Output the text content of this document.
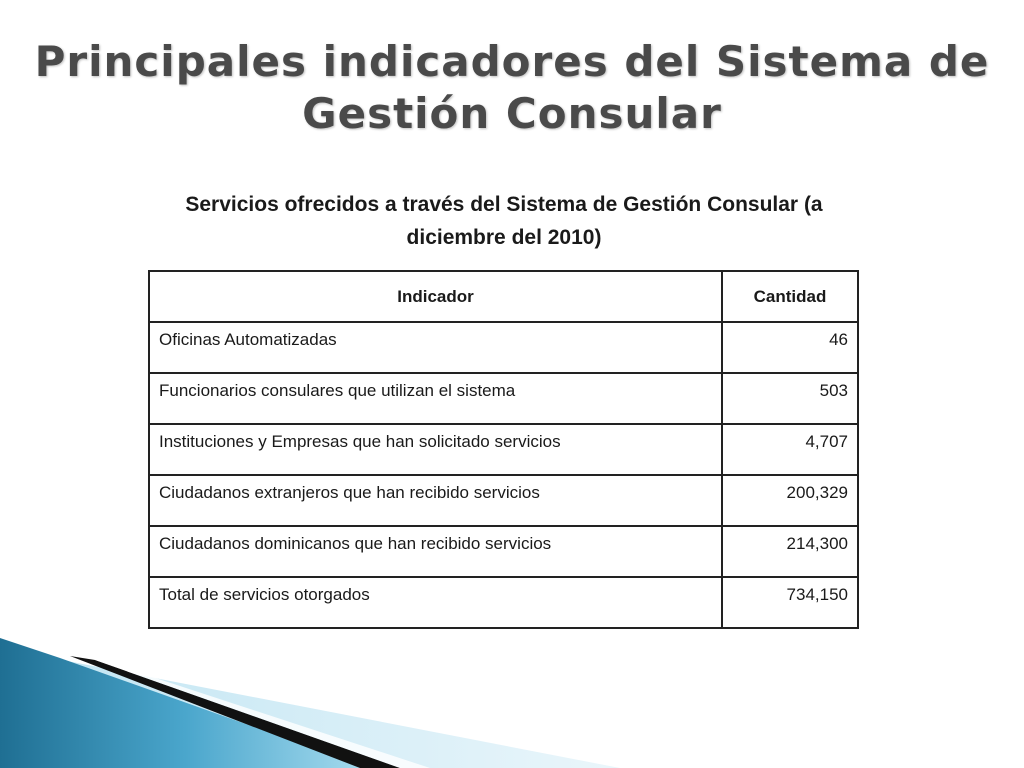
Principales indicadores del Sistema de Gestión Consular

Servicios ofrecidos a través del Sistema de Gestión Consular (a diciembre del 2010)

Indicador	Cantidad
Oficinas Automatizadas	46
Funcionarios consulares que utilizan el sistema	503
Instituciones y Empresas que han solicitado servicios	4,707
Ciudadanos extranjeros que han recibido servicios	200,329
Ciudadanos dominicanos que han recibido servicios	214,300
Total de servicios otorgados	734,150
